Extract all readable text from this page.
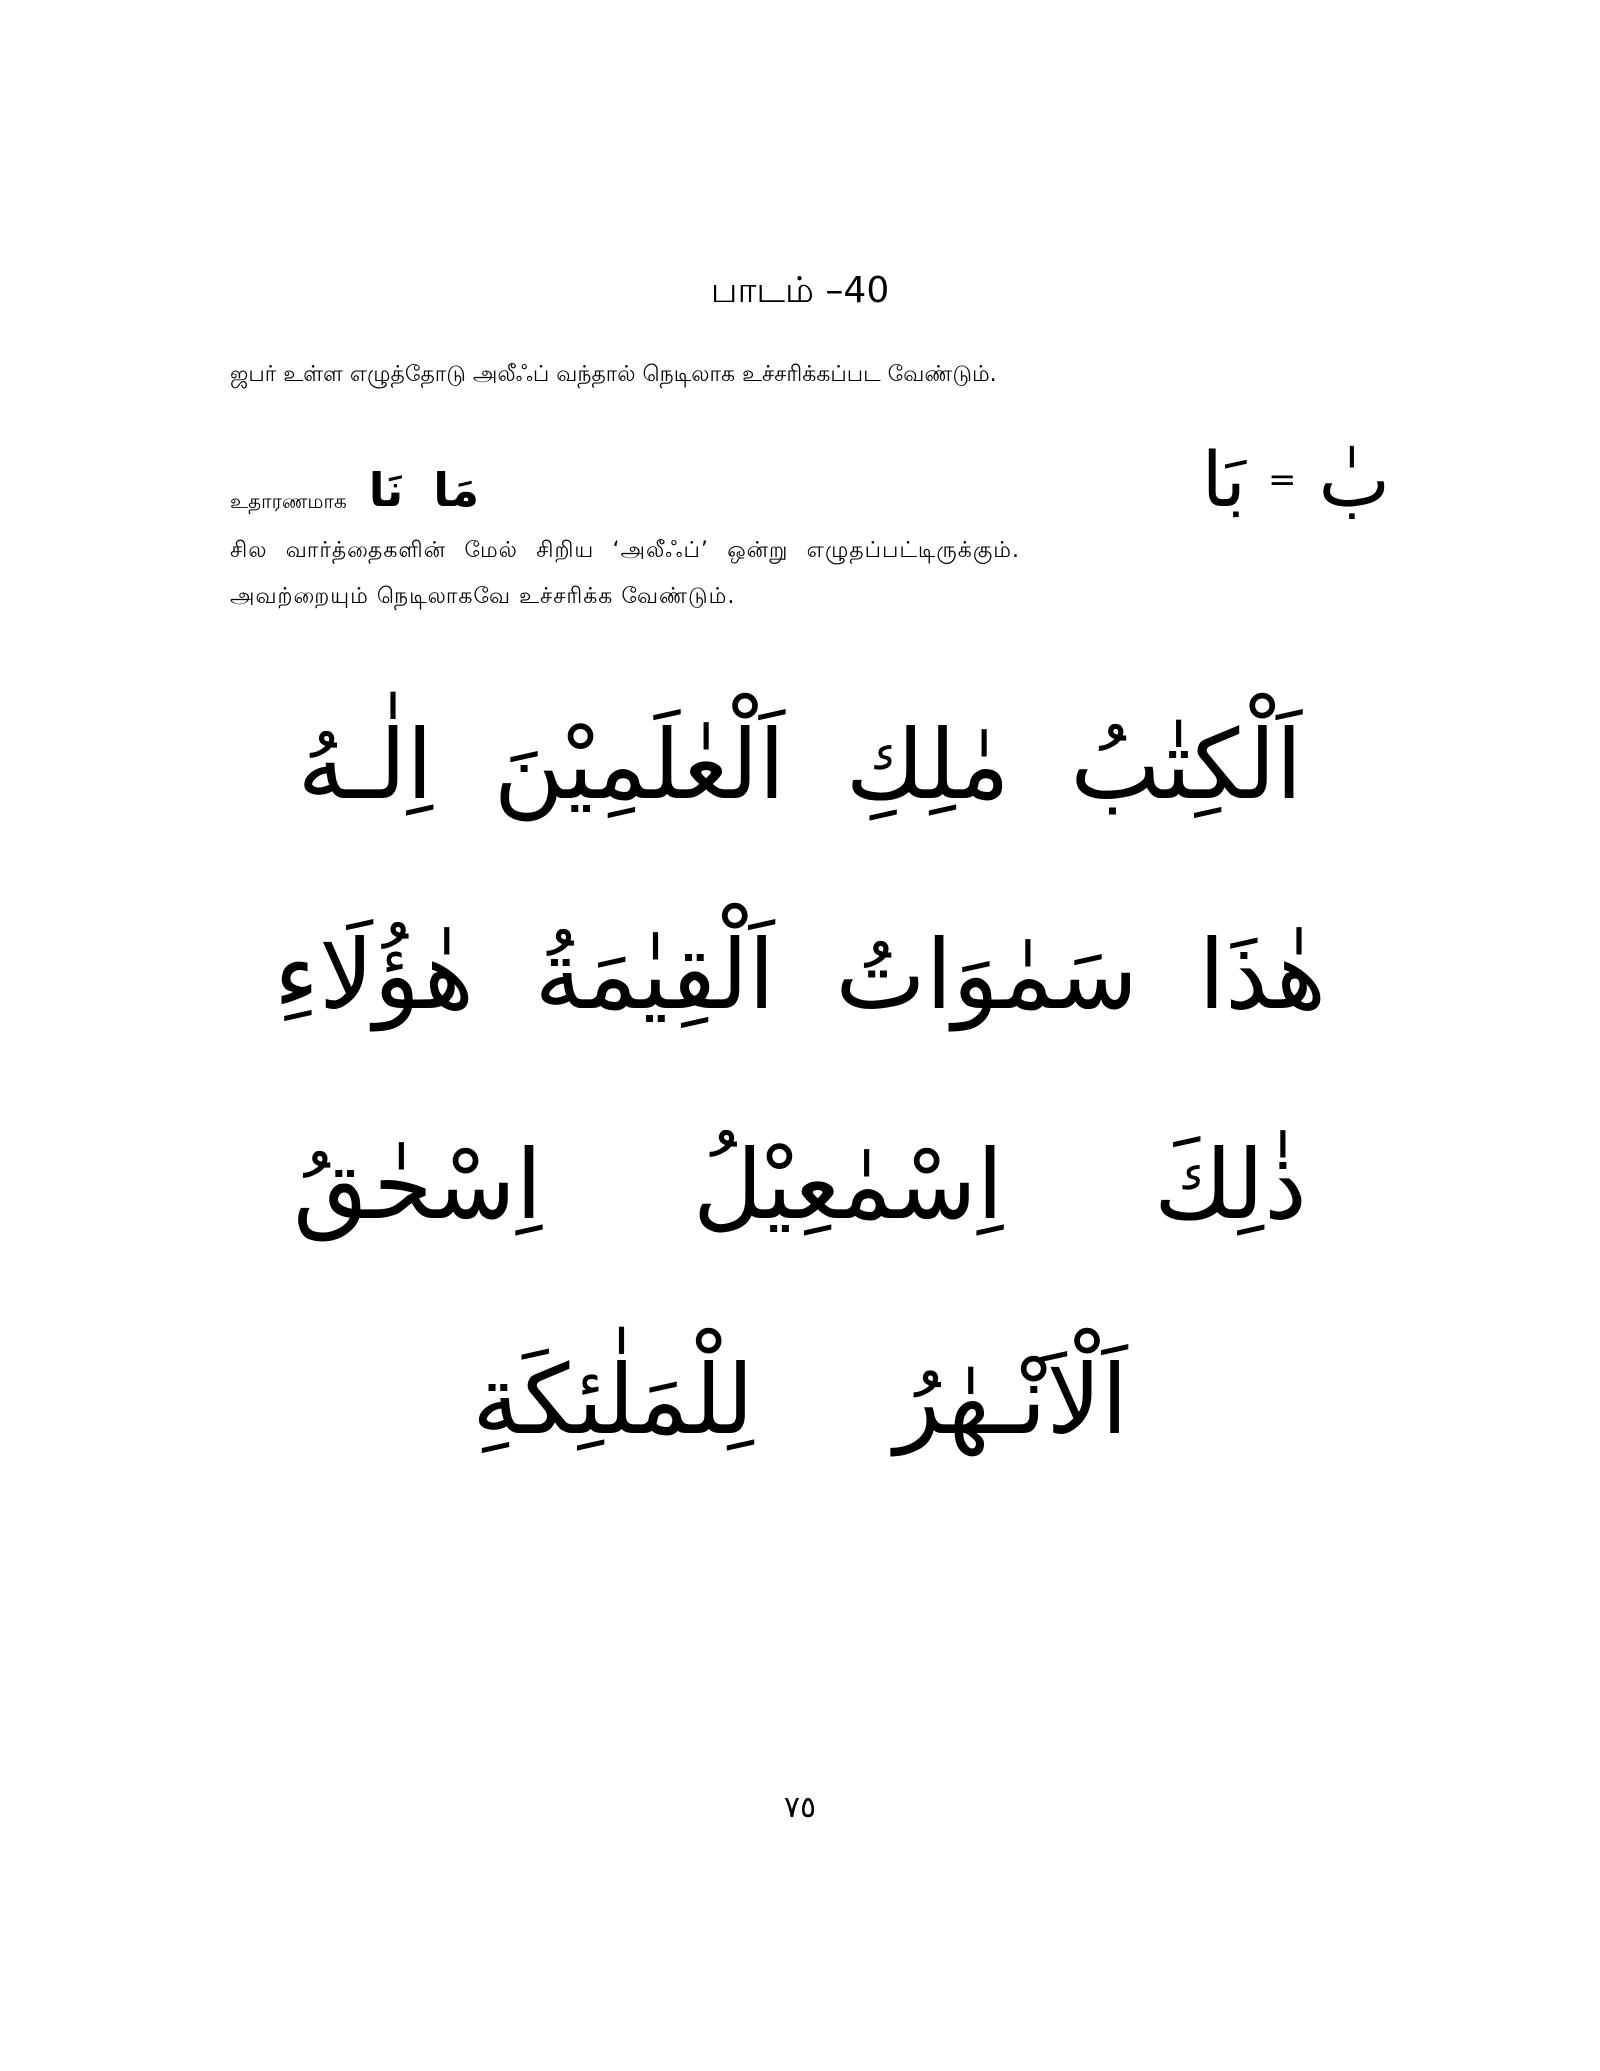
பாடம் –40
ஜபர் உள்ள எழுத்தோடு அலீஃப் வந்தால் நெடிலாக உச்சரிக்கப்பட வேண்டும்.
உதாரணமாக مَا نَا	بَا = بٰ
சில வார்த்தைகளின் மேல் சிறிய ‘அலீஃப்’ ஒன்று எழுதப்பட்டிருக்கும். அவற்றையும் நெடிலாகவே உச்சரிக்க வேண்டும்.
اَلْكِتٰبُ مٰلِكِ اَلْعٰلَمِيْنَ اِلٰـهُ
هٰذَا سَمٰوَاتُ اَلْقِيٰمَةُ هٰؤُلَاءِ
ذٰلِكَ اِسْمٰعِيْلُ اِسْحٰقُ
اَلْاَنْـهٰرُ لِلْمَلٰئِكَةِ
٧٥
